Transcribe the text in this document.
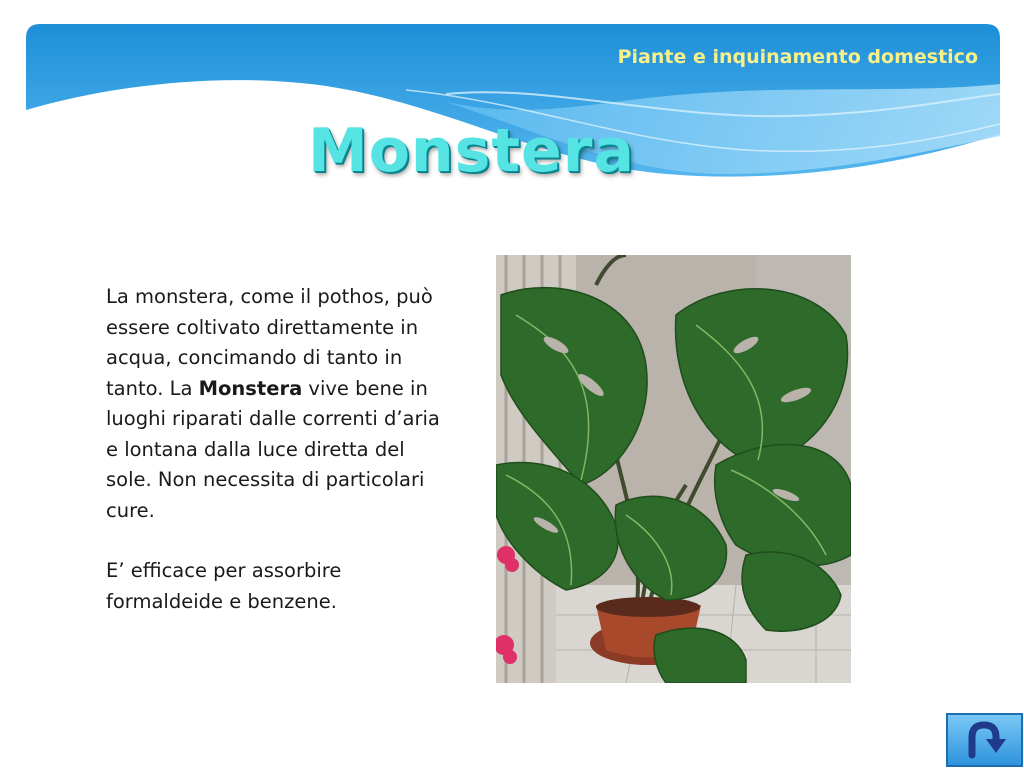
Piante e inquinamento domestico
Monstera

La monstera, come il pothos, può essere coltivato direttamente in acqua, concimando di tanto in tanto. La Monstera vive bene in luoghi riparati dalle correnti d’aria e lontana dalla luce diretta del sole. Non necessita di particolari cure.

E’ efficace per assorbire formaldeide e benzene.
